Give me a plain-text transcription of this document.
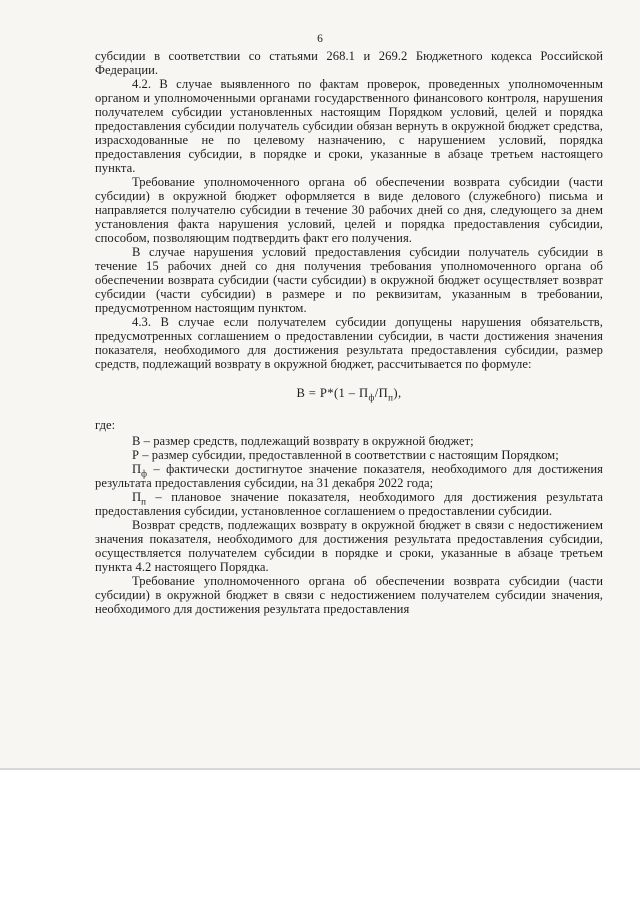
6

субсидии в соответствии со статьями 268.1 и 269.2 Бюджетного кодекса Российской Федерации.

4.2. В случае выявленного по фактам проверок, проведенных уполномоченным органом и уполномоченными органами государственного финансового контроля, нарушения получателем субсидии установленных настоящим Порядком условий, целей и порядка предоставления субсидии получатель субсидии обязан вернуть в окружной бюджет средства, израсходованные не по целевому назначению, с нарушением условий, порядка предоставления субсидии, в порядке и сроки, указанные в абзаце третьем настоящего пункта.

Требование уполномоченного органа об обеспечении возврата субсидии (части субсидии) в окружной бюджет оформляется в виде делового (служебного) письма и направляется получателю субсидии в течение 30 рабочих дней со дня, следующего за днем установления факта нарушения условий, целей и порядка предоставления субсидии, способом, позволяющим подтвердить факт его получения.

В случае нарушения условий предоставления субсидии получатель субсидии в течение 15 рабочих дней со дня получения требования уполномоченного органа об обеспечении возврата субсидии (части субсидии) в окружной бюджет осуществляет возврат субсидии (части субсидии) в размере и по реквизитам, указанным в требовании, предусмотренном настоящим пунктом.

4.3. В случае если получателем субсидии допущены нарушения обязательств, предусмотренных соглашением о предоставлении субсидии, в части достижения значения показателя, необходимого для достижения результата предоставления субсидии, размер средств, подлежащий возврату в окружной бюджет, рассчитывается по формуле:

$В = Р*(1 - П_ф/П_п)$,

где:

В – размер средств, подлежащий возврату в окружной бюджет;

Р – размер субсидии, предоставленной в соответствии с настоящим Порядком;

$П_ф$ – фактически достигнутое значение показателя, необходимого для достижения результата предоставления субсидии, на 31 декабря 2022 года;

$П_п$ – плановое значение показателя, необходимого для достижения результата предоставления субсидии, установленное соглашением о предоставлении субсидии.

Возврат средств, подлежащих возврату в окружной бюджет в связи с недостижением значения показателя, необходимого для достижения результата предоставления субсидии, осуществляется получателем субсидии в порядке и сроки, указанные в абзаце третьем пункта 4.2 настоящего Порядка.

Требование уполномоченного органа об обеспечении возврата субсидии (части субсидии) в окружной бюджет в связи с недостижением получателем субсидии значения, необходимого для достижения результата предоставления
